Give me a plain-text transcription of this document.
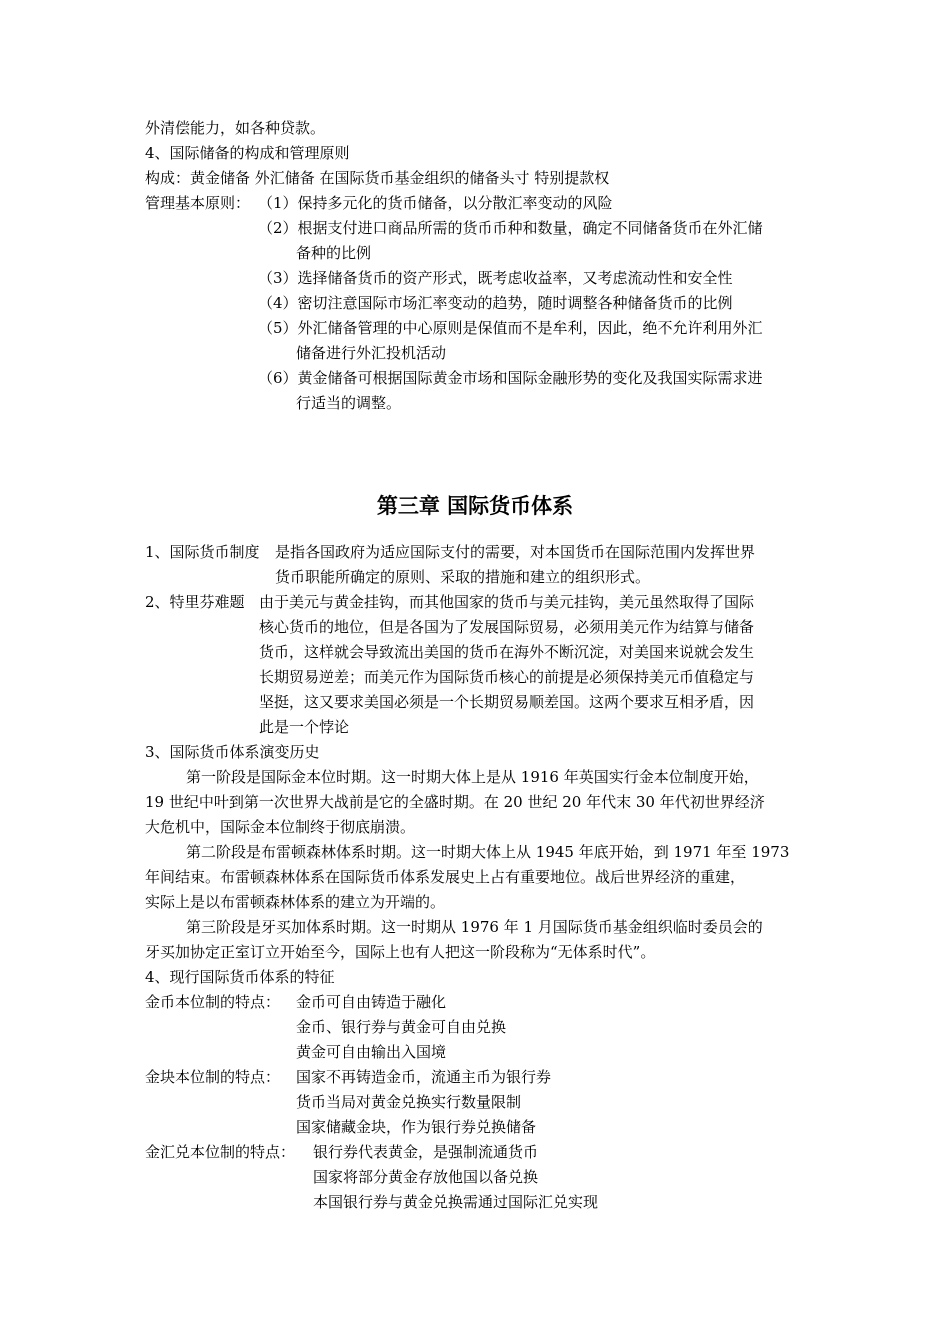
外清偿能力，如各种贷款。
4、国际储备的构成和管理原则
构成：黄金储备 外汇储备 在国际货币基金组织的储备头寸 特别提款权
管理基本原则： （1）保持多元化的货币储备，以分散汇率变动的风险
（2）根据支付进口商品所需的货币币种和数量，确定不同储备货币在外汇储
备种的比例
（3）选择储备货币的资产形式，既考虑收益率，又考虑流动性和安全性
（4）密切注意国际市场汇率变动的趋势，随时调整各种储备货币的比例
（5）外汇储备管理的中心原则是保值而不是牟利，因此，绝不允许利用外汇
储备进行外汇投机活动
（6）黄金储备可根据国际黄金市场和国际金融形势的变化及我国实际需求进
行适当的调整。
第三章 国际货币体系
1、国际货币制度 是指各国政府为适应国际支付的需要，对本国货币在国际范围内发挥世界
货币职能所确定的原则、采取的措施和建立的组织形式。
2、特里芬难题 由于美元与黄金挂钩，而其他国家的货币与美元挂钩，美元虽然取得了国际
核心货币的地位，但是各国为了发展国际贸易，必须用美元作为结算与储备
货币，这样就会导致流出美国的货币在海外不断沉淀，对美国来说就会发生
长期贸易逆差；而美元作为国际货币核心的前提是必须保持美元币值稳定与
坚挺，这又要求美国必须是一个长期贸易顺差国。这两个要求互相矛盾，因
此是一个悖论
3、国际货币体系演变历史
第一阶段是国际金本位时期。这一时期大体上是从 1916 年英国实行金本位制度开始，
19 世纪中叶到第一次世界大战前是它的全盛时期。在 20 世纪 20 年代末 30 年代初世界经济
大危机中，国际金本位制终于彻底崩溃。
第二阶段是布雷顿森林体系时期。这一时期大体上从 1945 年底开始，到 1971 年至 1973
年间结束。布雷顿森林体系在国际货币体系发展史上占有重要地位。战后世界经济的重建，
实际上是以布雷顿森林体系的建立为开端的。
第三阶段是牙买加体系时期。这一时期从 1976 年 1 月国际货币基金组织临时委员会的
牙买加协定正室订立开始至今，国际上也有人把这一阶段称为“无体系时代”。
4、现行国际货币体系的特征
金币本位制的特点： 金币可自由铸造于融化
金币、银行券与黄金可自由兑换
黄金可自由输出入国境
金块本位制的特点： 国家不再铸造金币，流通主币为银行券
货币当局对黄金兑换实行数量限制
国家储藏金块，作为银行券兑换储备
金汇兑本位制的特点： 银行券代表黄金，是强制流通货币
国家将部分黄金存放他国以备兑换
本国银行券与黄金兑换需通过国际汇兑实现
